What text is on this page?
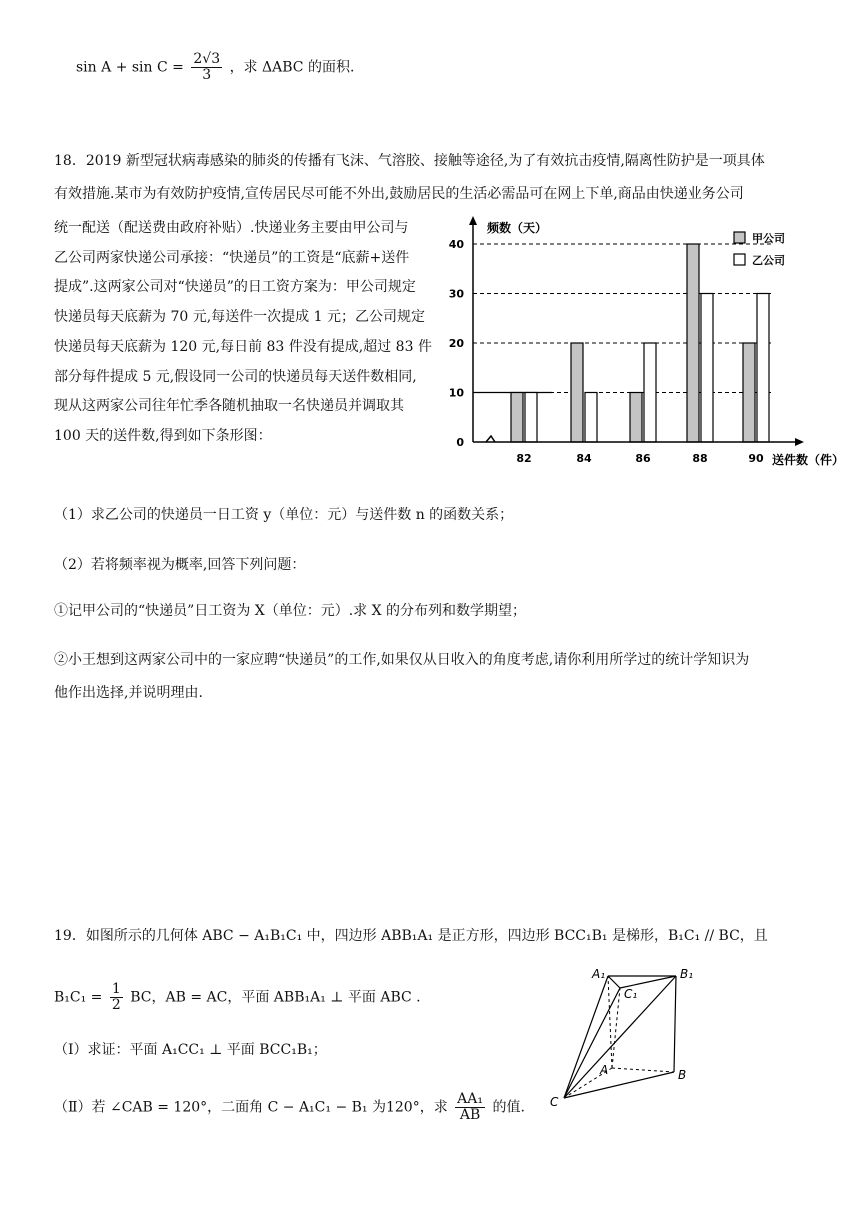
$\sin A + \sin C = \frac{2√3}{3}$ ，求 ΔABC 的面积.
18．2019 新型冠状病毒感染的肺炎的传播有飞沫、气溶胶、接触等途径,为了有效抗击疫情,隔离性防护是一项具体
有效措施.某市为有效防护疫情,宣传居民尽可能不外出,鼓励居民的生活必需品可在网上下单,商品由快递业务公司
统一配送（配送费由政府补贴）.快递业务主要由甲公司与
乙公司两家快递公司承接：“快递员”的工资是“底薪+送件
提成”.这两家公司对“快递员”的日工资方案为：甲公司规定
快递员每天底薪为 70 元,每送件一次提成 1 元；乙公司规定
快递员每天底薪为 120 元,每日前 83 件没有提成,超过 83 件
部分每件提成 5 元,假设同一公司的快递员每天送件数相同,
现从这两家公司往年忙季各随机抽取一名快递员并调取其
100 天的送件数,得到如下条形图：
频数（天）
送件数（件）
0
10
20
30
40
82	84	86	88	90
甲公司
乙公司
（1）求乙公司的快递员一日工资 y（单位：元）与送件数 n 的函数关系；
（2）若将频率视为概率,回答下列问题：
①记甲公司的“快递员”日工资为 X（单位：元）.求 X 的分布列和数学期望；
②小王想到这两家公司中的一家应聘“快递员”的工作,如果仅从日收入的角度考虑,请你利用所学过的统计学知识为
他作出选择,并说明理由.
19．如图所示的几何体 ABC − A₁B₁C₁ 中，四边形 ABB₁A₁ 是正方形，四边形 BCC₁B₁ 是梯形，B₁C₁ // BC，且
$B_1C_1 = \frac{1}{2}$ BC，AB = AC，平面 ABB₁A₁ ⊥ 平面 ABC .
（Ⅰ）求证：平面 A₁CC₁ ⊥ 平面 BCC₁B₁；
（Ⅱ）若 ∠CAB = 120°，二面角 C − A₁C₁ − B₁ 为120°，求 $\frac{\text{AA₁}}{AB}$ 的值.
A₁	B₁
C₁
A	B
C
